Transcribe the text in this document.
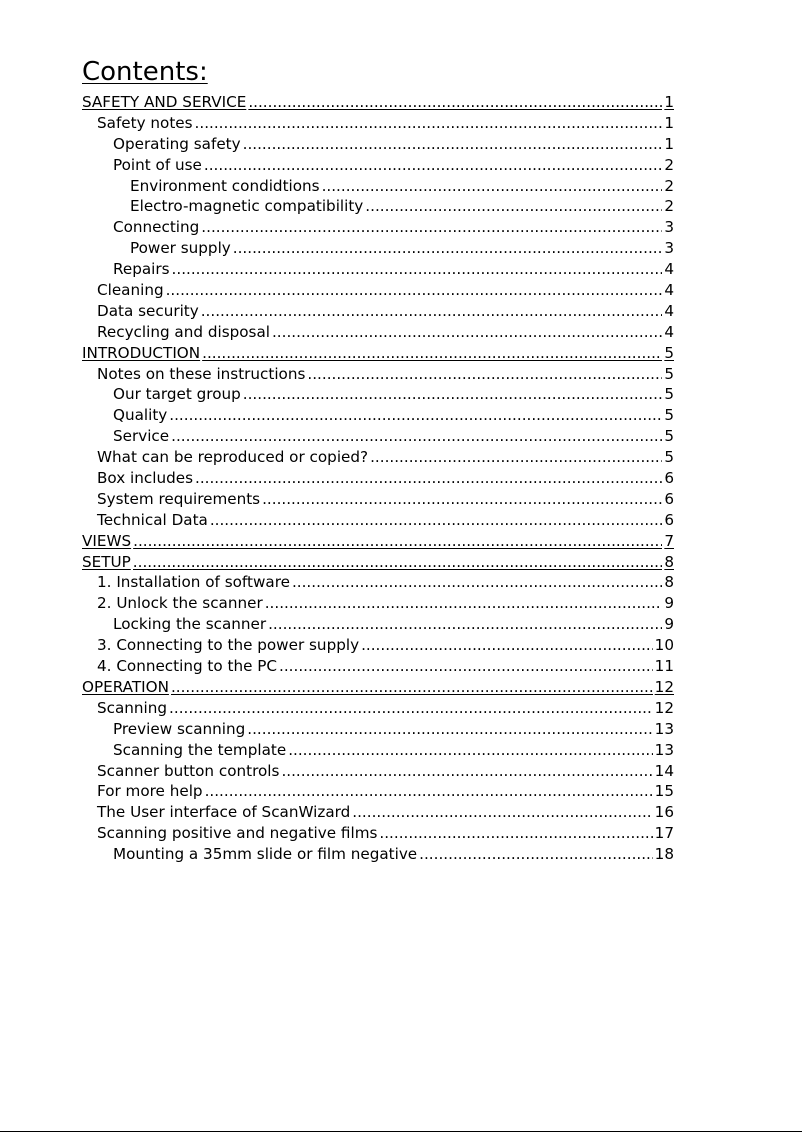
Contents:
SAFETY AND SERVICE .....	1
Safety notes .....	1
Operating safety .....	1
Point of use .....	2
Environment condidtions .....	2
Electro-magnetic compatibility .....	2
Connecting .....	3
Power supply .....	3
Repairs .....	4
Cleaning .....	4
Data security .....	4
Recycling and disposal .....	4
INTRODUCTION .....	5
Notes on these instructions .....	5
Our target group .....	5
Quality .....	5
Service .....	5
What can be reproduced or copied? .....	5
Box includes .....	6
System requirements .....	6
Technical Data .....	6
VIEWS .....	7
SETUP .....	8
1. Installation of software .....	8
2. Unlock the scanner .....	9
Locking the scanner .....	9
3. Connecting to the power supply .....	10
4. Connecting to the PC .....	11
OPERATION .....	12
Scanning .....	12
Preview scanning .....	13
Scanning the template .....	13
Scanner button controls .....	14
For more help .....	15
The User interface of ScanWizard .....	16
Scanning positive and negative films .....	17
Mounting a 35mm slide or film negative .....	18
